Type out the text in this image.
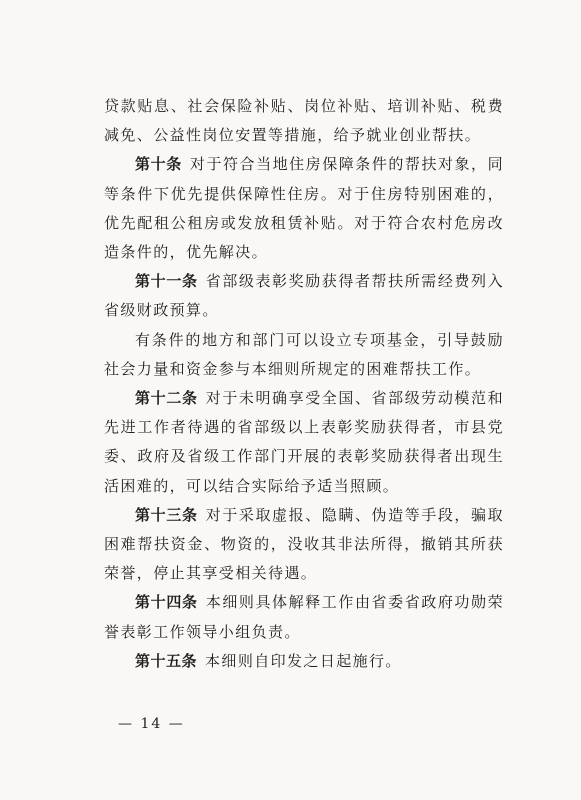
贷款贴息、社会保险补贴、岗位补贴、培训补贴、税费减免、公益性岗位安置等措施，给予就业创业帮扶。

第十条 对于符合当地住房保障条件的帮扶对象，同等条件下优先提供保障性住房。对于住房特别困难的，优先配租公租房或发放租赁补贴。对于符合农村危房改造条件的，优先解决。

第十一条 省部级表彰奖励获得者帮扶所需经费列入省级财政预算。

有条件的地方和部门可以设立专项基金，引导鼓励社会力量和资金参与本细则所规定的困难帮扶工作。

第十二条 对于未明确享受全国、省部级劳动模范和先进工作者待遇的省部级以上表彰奖励获得者，市县党委、政府及省级工作部门开展的表彰奖励获得者出现生活困难的，可以结合实际给予适当照顾。

第十三条 对于采取虚报、隐瞒、伪造等手段，骗取困难帮扶资金、物资的，没收其非法所得，撤销其所获荣誉，停止其享受相关待遇。

第十四条 本细则具体解释工作由省委省政府功勋荣誉表彰工作领导小组负责。

第十五条 本细则自印发之日起施行。

— 14 —
